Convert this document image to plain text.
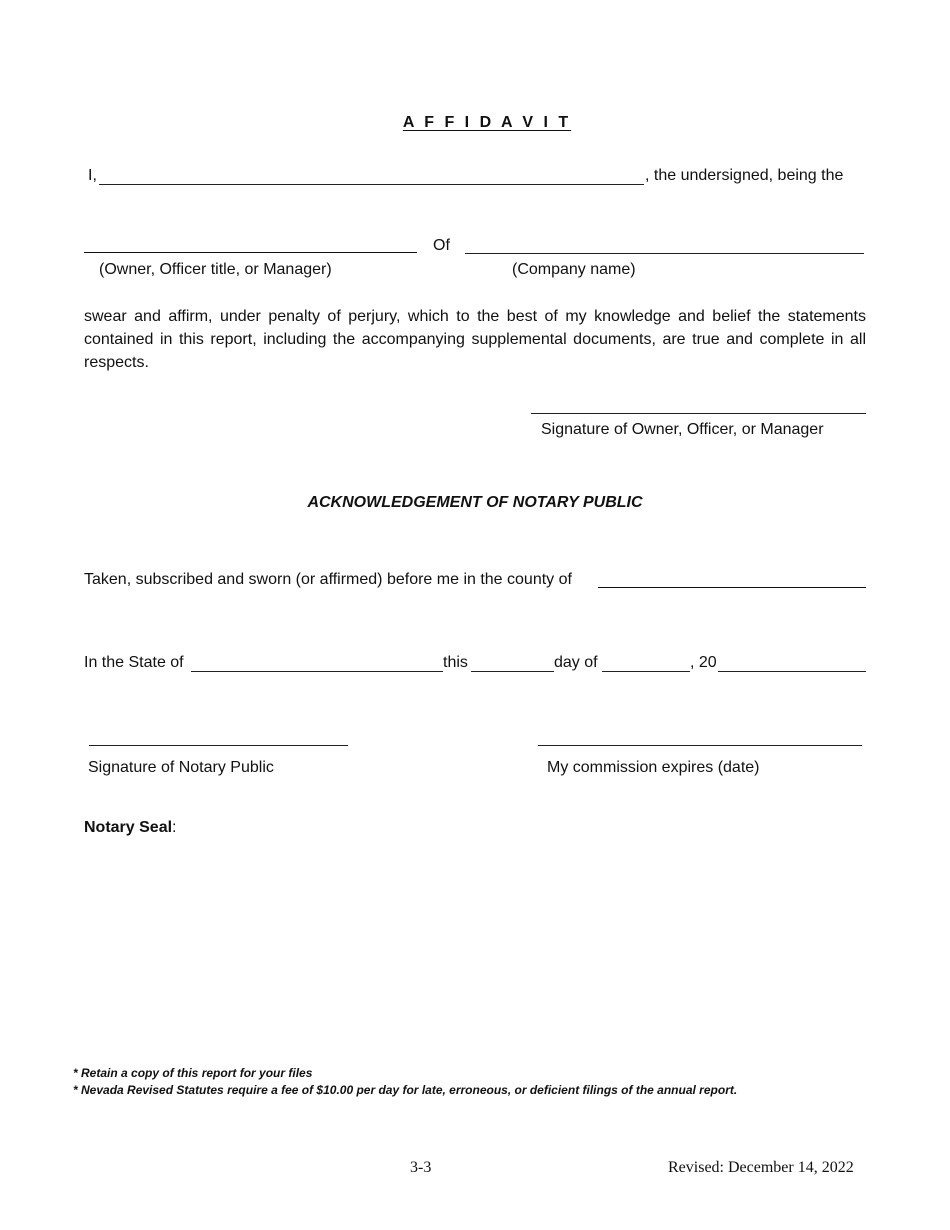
A F F I D A V I T
I,	, the undersigned, being the
Of
(Owner, Officer title, or Manager)	(Company name)
swear and affirm, under penalty of perjury, which to the best of my knowledge and belief the statements contained in this report, including the accompanying supplemental documents, are true and complete in all respects.
Signature of Owner, Officer, or Manager
ACKNOWLEDGEMENT OF NOTARY PUBLIC
Taken, subscribed and sworn (or affirmed) before me in the county of
In the State of	this	day of	, 20
Signature of Notary Public	My commission expires (date)
Notary Seal:
* Retain a copy of this report for your files
* Nevada Revised Statutes require a fee of $10.00 per day for late, erroneous, or deficient filings of the annual report.
3-3	Revised: December 14, 2022
